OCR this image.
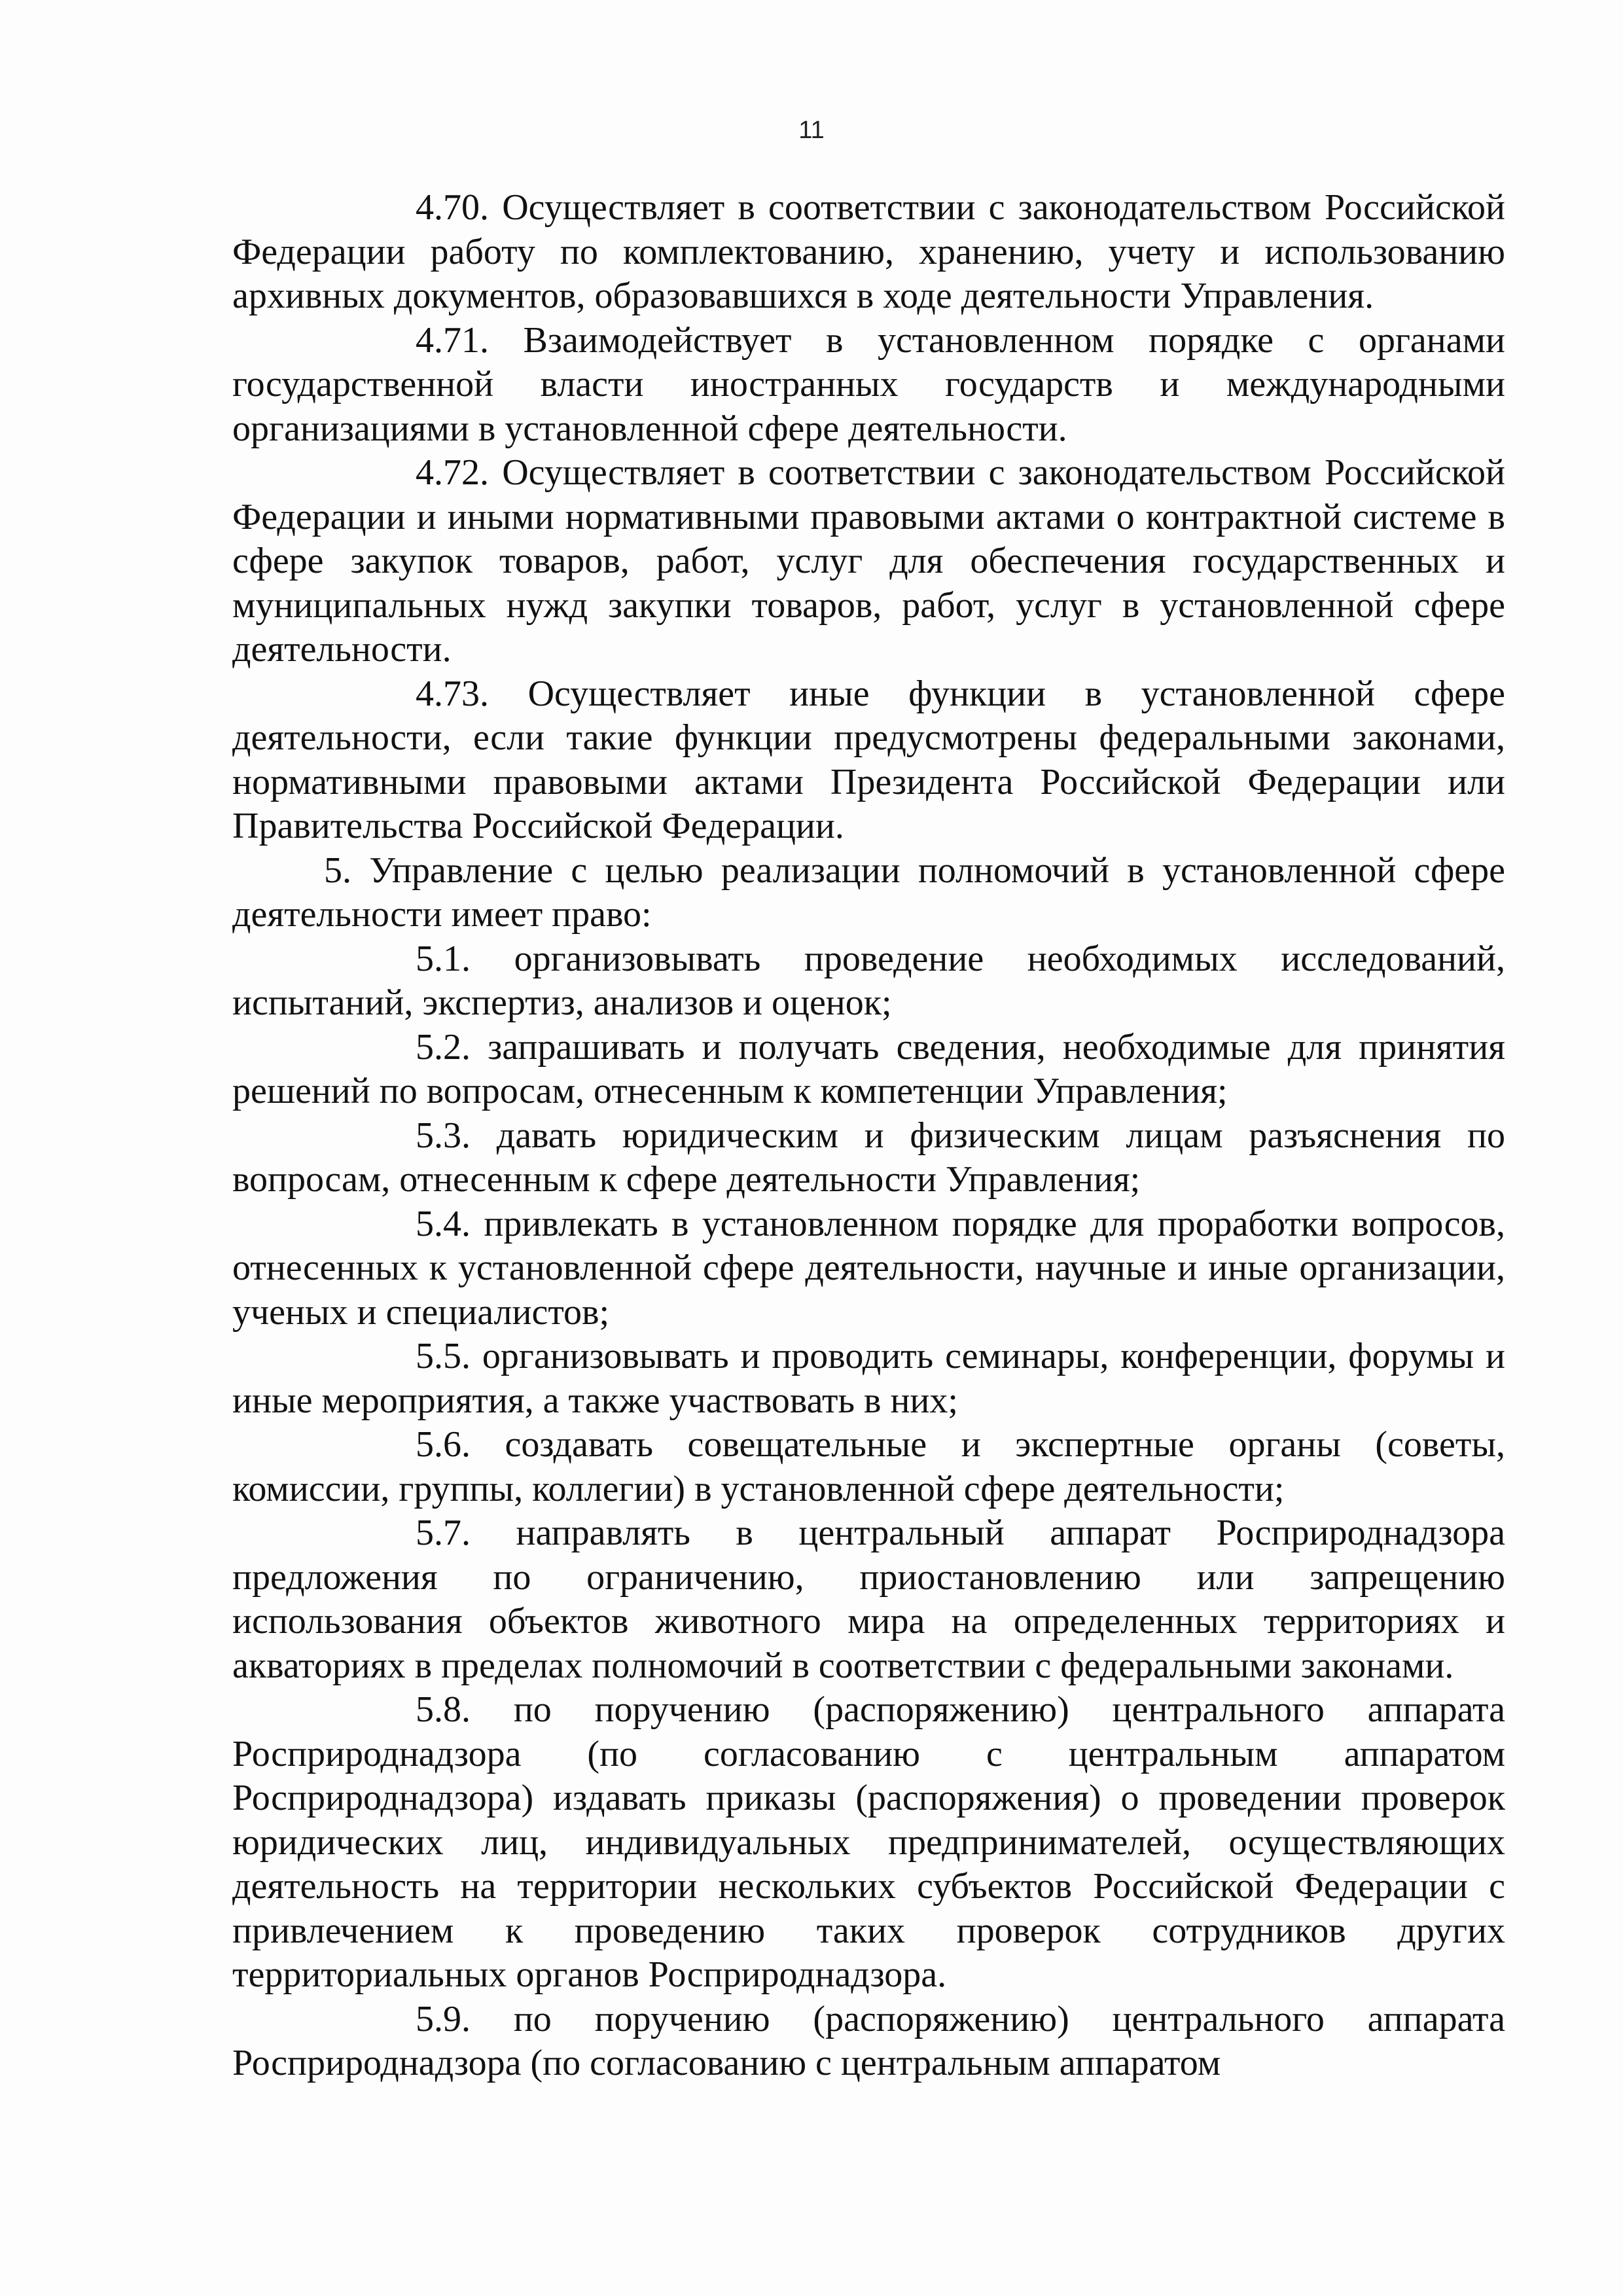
11

4.70. Осуществляет в соответствии с законодательством Российской Федерации работу по комплектованию, хранению, учету и использованию архивных документов, образовавшихся в ходе деятельности Управления.

4.71. Взаимодействует в установленном порядке с органами государственной власти иностранных государств и международными организациями в установленной сфере деятельности.

4.72. Осуществляет в соответствии с законодательством Российской Федерации и иными нормативными правовыми актами о контрактной системе в сфере закупок товаров, работ, услуг для обеспечения государственных и муниципальных нужд закупки товаров, работ, услуг в установленной сфере деятельности.

4.73. Осуществляет иные функции в установленной сфере деятельности, если такие функции предусмотрены федеральными законами, нормативными правовыми актами Президента Российской Федерации или Правительства Российской Федерации.

5. Управление с целью реализации полномочий в установленной сфере деятельности имеет право:

5.1. организовывать проведение необходимых исследований, испытаний, экспертиз, анализов и оценок;

5.2. запрашивать и получать сведения, необходимые для принятия решений по вопросам, отнесенным к компетенции Управления;

5.3. давать юридическим и физическим лицам разъяснения по вопросам, отнесенным к сфере деятельности Управления;

5.4. привлекать в установленном порядке для проработки вопросов, отнесенных к установленной сфере деятельности, научные и иные организации, ученых и специалистов;

5.5. организовывать и проводить семинары, конференции, форумы и иные мероприятия, а также участвовать в них;

5.6. создавать совещательные и экспертные органы (советы, комиссии, группы, коллегии) в установленной сфере деятельности;

5.7. направлять в центральный аппарат Росприроднадзора предложения по ограничению, приостановлению или запрещению использования объектов животного мира на определенных территориях и акваториях в пределах полномочий в соответствии с федеральными законами.

5.8. по поручению (распоряжению) центрального аппарата Росприроднадзора (по согласованию с центральным аппаратом Росприроднадзора) издавать приказы (распоряжения) о проведении проверок юридических лиц, индивидуальных предпринимателей, осуществляющих деятельность на территории нескольких субъектов Российской Федерации с привлечением к проведению таких проверок сотрудников других территориальных органов Росприроднадзора.

5.9. по поручению (распоряжению) центрального аппарата Росприроднадзора (по согласованию с центральным аппаратом
